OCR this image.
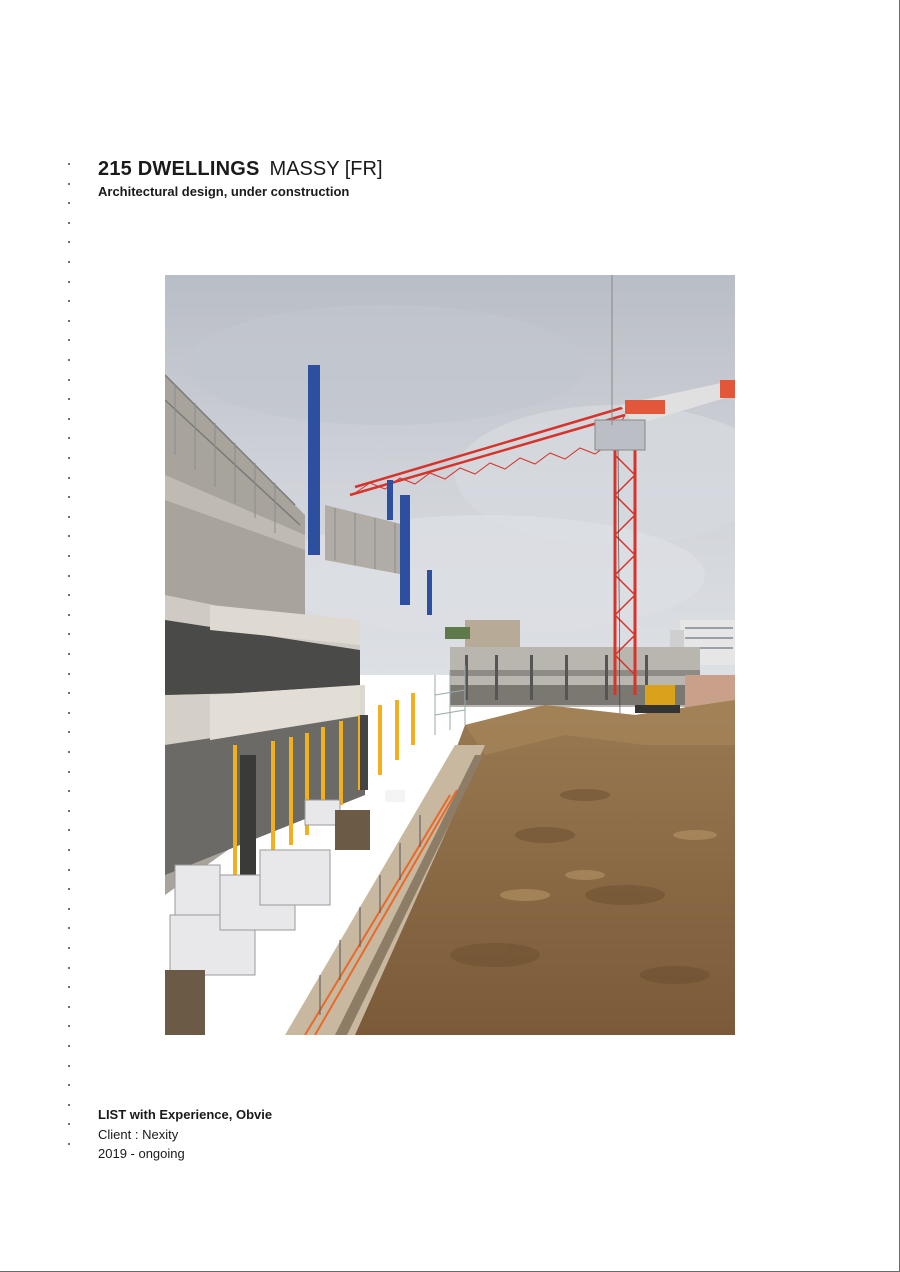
215 DWELLINGS MASSY [FR]
Architectural design, under construction
LIST with Experience, Obvie
Client : Nexity
2019 - ongoing
